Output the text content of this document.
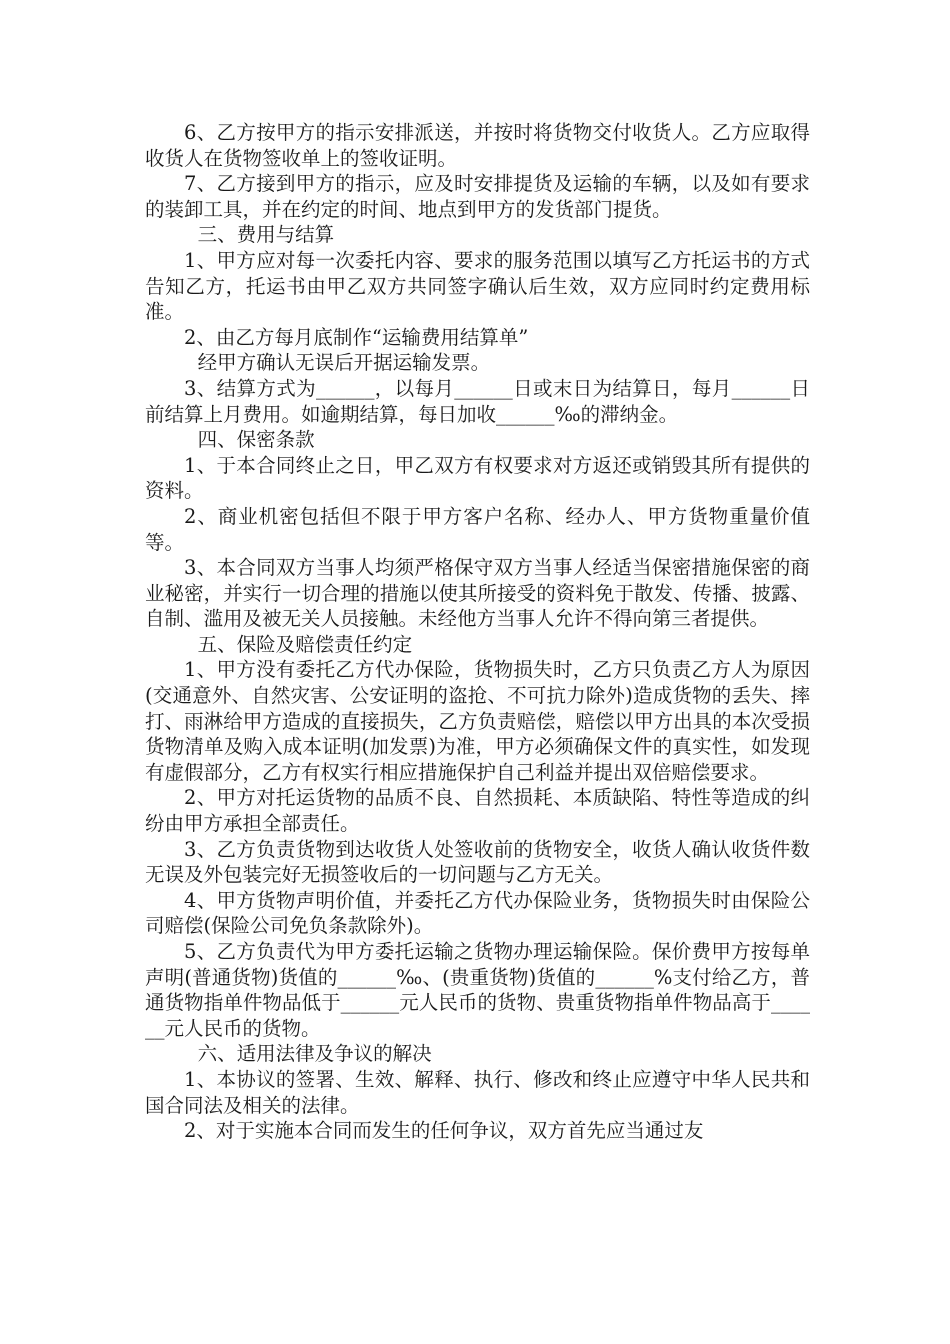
6、乙方按甲方的指示安排派送，并按时将货物交付收货人。乙方应取得收货人在货物签收单上的签收证明。

7、乙方接到甲方的指示，应及时安排提货及运输的车辆，以及如有要求的装卸工具，并在约定的时间、地点到甲方的发货部门提货。

三、费用与结算

1、甲方应对每一次委托内容、要求的服务范围以填写乙方托运书的方式告知乙方，托运书由甲乙双方共同签字确认后生效，双方应同时约定费用标准。

2、由乙方每月底制作“运输费用结算单”

经甲方确认无误后开据运输发票。

3、结算方式为______，以每月______日或末日为结算日，每月______日前结算上月费用。如逾期结算，每日加收______‰的滞纳金。

四、保密条款

1、于本合同终止之日，甲乙双方有权要求对方返还或销毁其所有提供的资料。

2、商业机密包括但不限于甲方客户名称、经办人、甲方货物重量价值等。

3、本合同双方当事人均须严格保守双方当事人经适当保密措施保密的商业秘密，并实行一切合理的措施以使其所接受的资料免于散发、传播、披露、自制、滥用及被无关人员接触。未经他方当事人允许不得向第三者提供。

五、保险及赔偿责任约定

1、甲方没有委托乙方代办保险，货物损失时，乙方只负责乙方人为原因(交通意外、自然灾害、公安证明的盗抢、不可抗力除外)造成货物的丢失、摔打、雨淋给甲方造成的直接损失，乙方负责赔偿，赔偿以甲方出具的本次受损货物清单及购入成本证明(加发票)为准，甲方必须确保文件的真实性，如发现有虚假部分，乙方有权实行相应措施保护自己利益并提出双倍赔偿要求。

2、甲方对托运货物的品质不良、自然损耗、本质缺陷、特性等造成的纠纷由甲方承担全部责任。

3、乙方负责货物到达收货人处签收前的货物安全，收货人确认收货件数无误及外包装完好无损签收后的一切问题与乙方无关。

4、甲方货物声明价值，并委托乙方代办保险业务，货物损失时由保险公司赔偿(保险公司免负条款除外)。

5、乙方负责代为甲方委托运输之货物办理运输保险。保价费甲方按每单声明(普通货物)货值的______‰、(贵重货物)货值的______%支付给乙方，普通货物指单件物品低于______元人民币的货物、贵重货物指单件物品高于______元人民币的货物。

六、适用法律及争议的解决

1、本协议的签署、生效、解释、执行、修改和终止应遵守中华人民共和国合同法及相关的法律。

2、对于实施本合同而发生的任何争议，双方首先应当通过友
